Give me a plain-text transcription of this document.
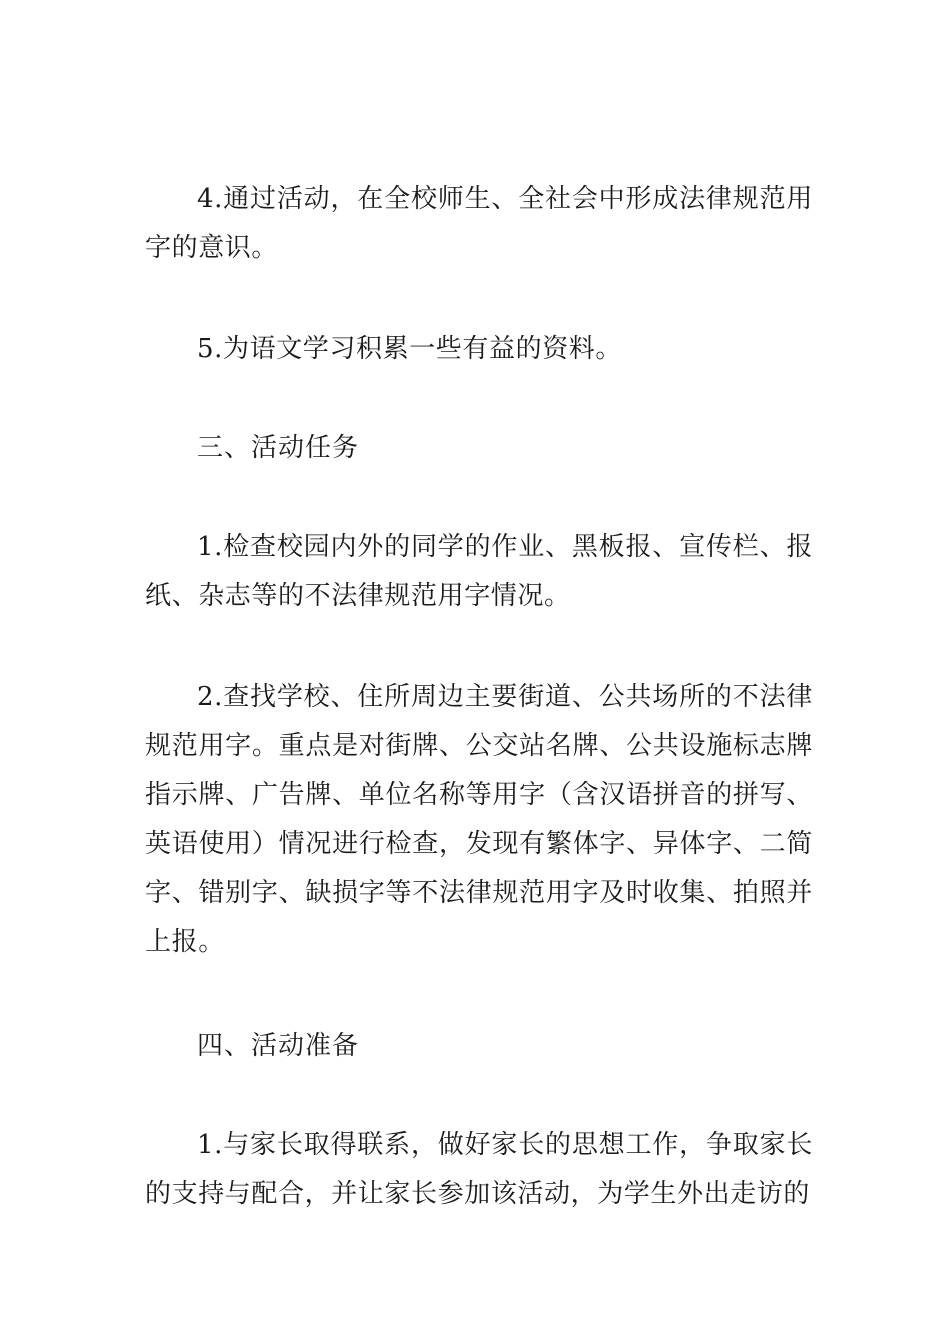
4.通过活动，在全校师生、全社会中形成法律规范用字的意识。

5.为语文学习积累一些有益的资料。

三、活动任务

1.检查校园内外的同学的作业、黑板报、宣传栏、报纸、杂志等的不法律规范用字情况。

2.查找学校、住所周边主要街道、公共场所的不法律规范用字。重点是对街牌、公交站名牌、公共设施标志牌指示牌、广告牌、单位名称等用字（含汉语拼音的拼写、英语使用）情况进行检查，发现有繁体字、异体字、二简字、错别字、缺损字等不法律规范用字及时收集、拍照并上报。

四、活动准备

1.与家长取得联系，做好家长的思想工作，争取家长的支持与配合，并让家长参加该活动，为学生外出走访的
